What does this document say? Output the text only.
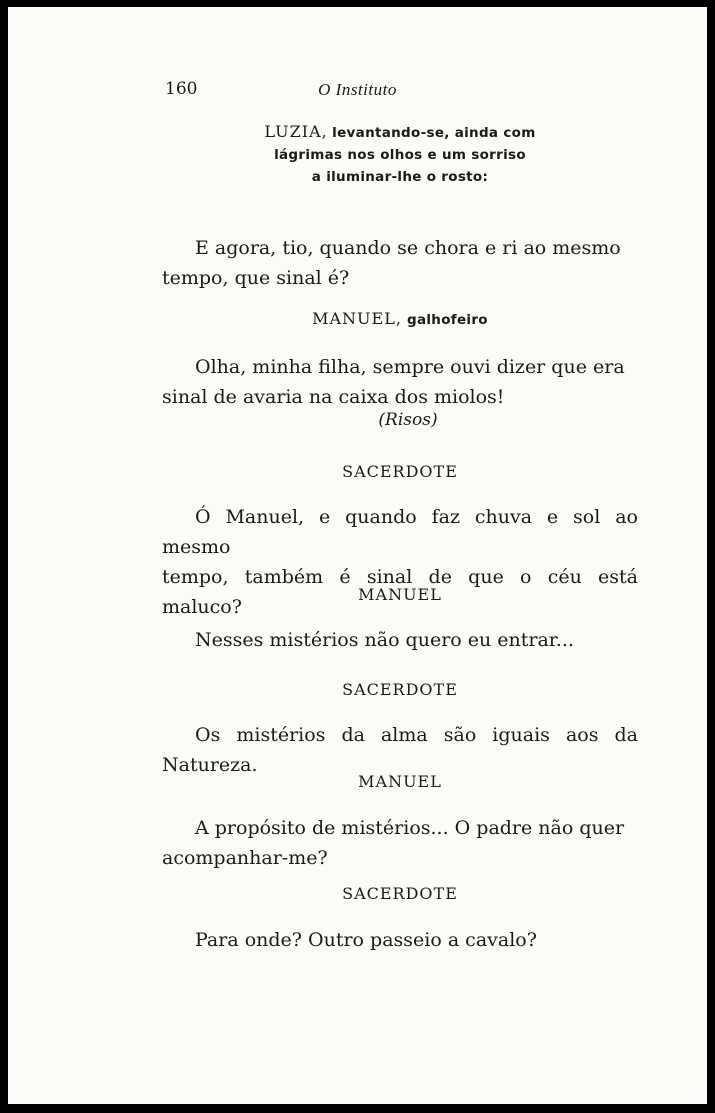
160	O Instituto
LUZIA, levantando-se, ainda com
lágrimas nos olhos e um sorriso
a iluminar-lhe o rosto:
E agora, tio, quando se chora e ri ao mesmo
tempo, que sinal é?
MANUEL, galhofeiro
Olha, minha filha, sempre ouvi dizer que era
sinal de avaria na caixa dos miolos!
(Risos)
SACERDOTE
Ó Manuel, e quando faz chuva e sol ao mesmo
tempo, também é sinal de que o céu está maluco?
MANUEL
Nesses mistérios não quero eu entrar...
SACERDOTE
Os mistérios da alma são iguais aos da Natureza.
MANUEL
A propósito de mistérios... O padre não quer
acompanhar-me?
SACERDOTE
Para onde? Outro passeio a cavalo?
